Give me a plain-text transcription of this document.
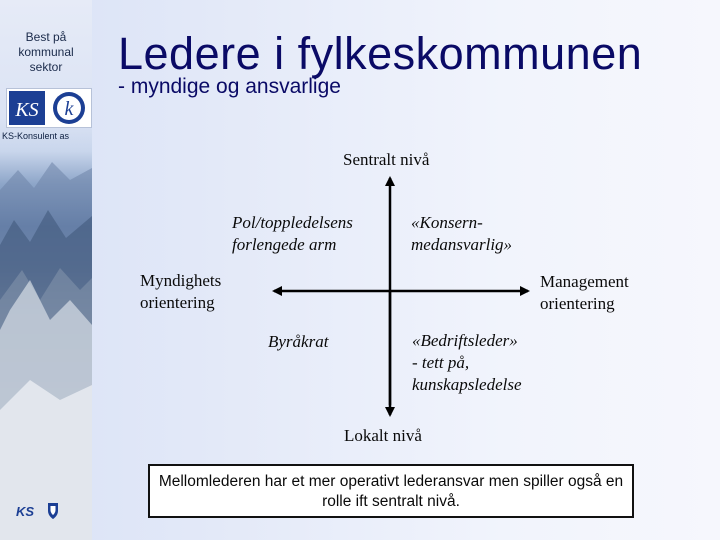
Best på
kommunal
sektor
KS k
KS-Konsulent as
KS
Ledere i fylkeskommunen
- myndige og ansvarlige
Sentralt nivå
Lokalt nivå
Myndighets
orientering
Management
orientering
Pol/toppledelsens
forlengede arm
«Konsern-
medansvarlig»
Byråkrat	«Bedriftsleder»
- tett på,
kunskapsledelse
Mellomlederen har et mer operativt lederansvar men spiller også en rolle ift sentralt nivå.
